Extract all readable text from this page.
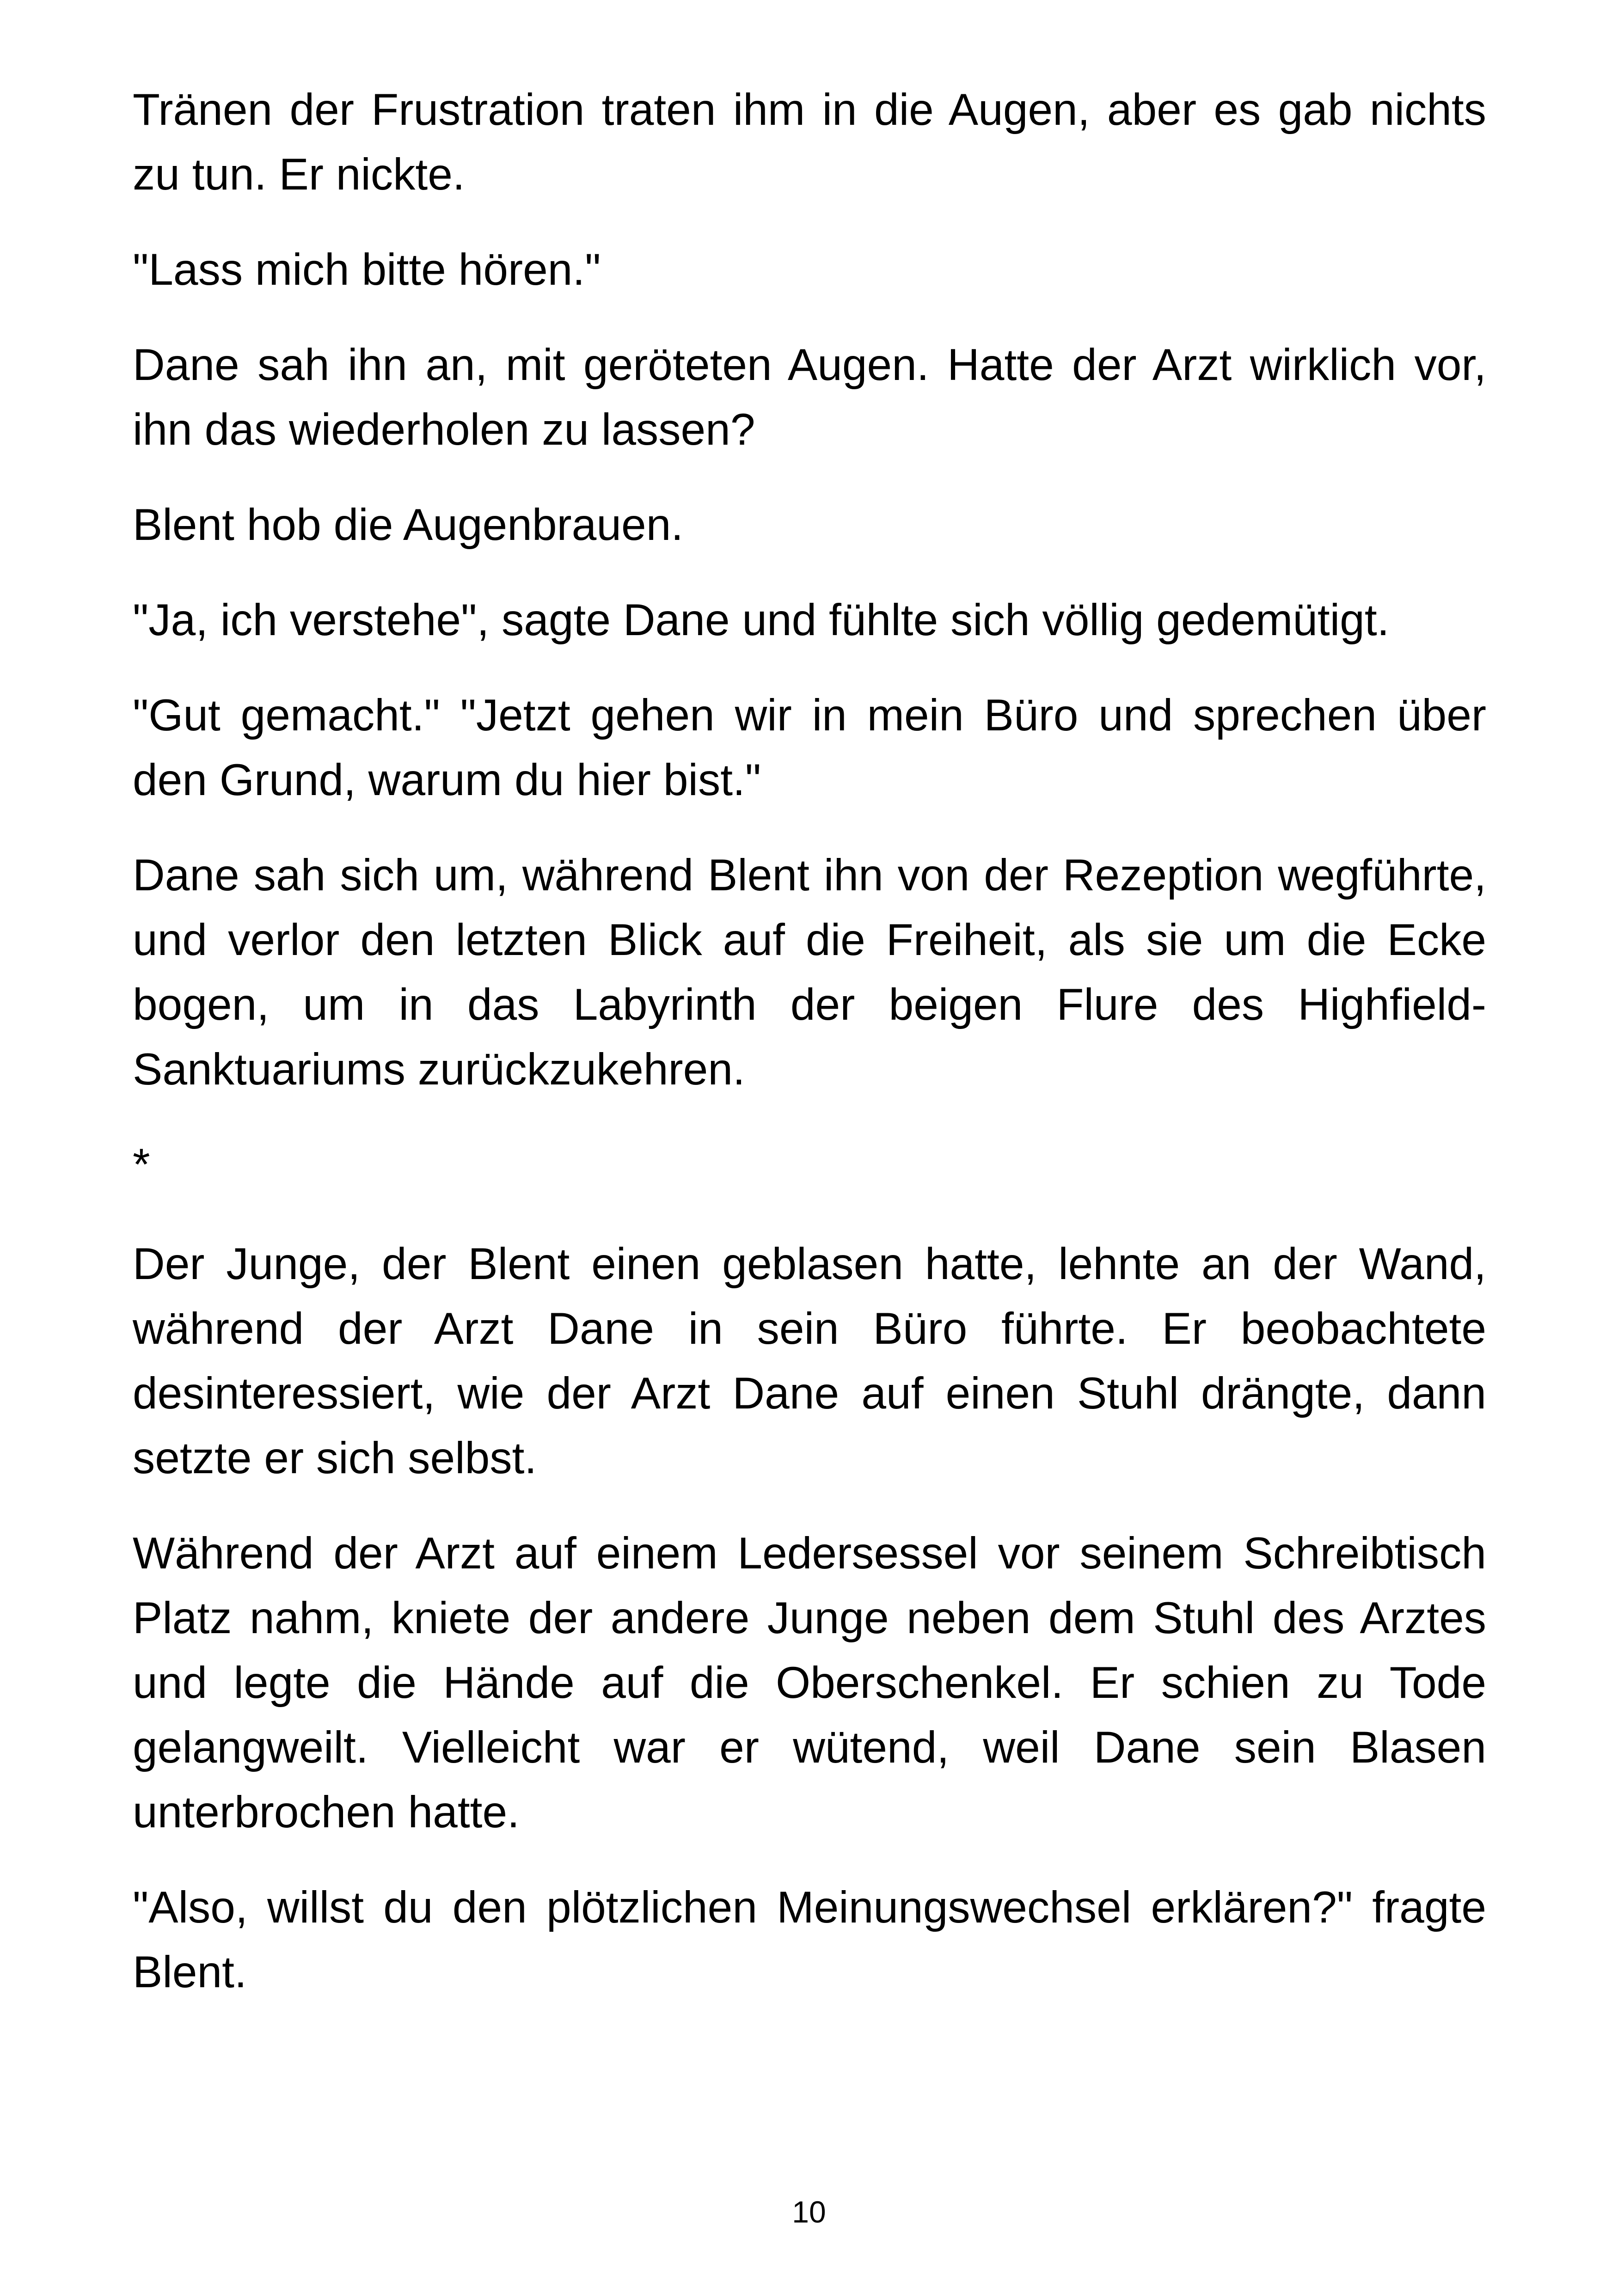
Tränen der Frustration traten ihm in die Augen, aber es gab nichts zu tun. Er nickte.

"Lass mich bitte hören."

Dane sah ihn an, mit geröteten Augen. Hatte der Arzt wirklich vor, ihn das wiederholen zu lassen?

Blent hob die Augenbrauen.

"Ja, ich verstehe", sagte Dane und fühlte sich völlig gedemütigt.

"Gut gemacht." "Jetzt gehen wir in mein Büro und sprechen über den Grund, warum du hier bist."

Dane sah sich um, während Blent ihn von der Rezeption wegführte, und verlor den letzten Blick auf die Freiheit, als sie um die Ecke bogen, um in das Labyrinth der beigen Flure des Highfield-Sanktuariums zurückzukehren.

*

Der Junge, der Blent einen geblasen hatte, lehnte an der Wand, während der Arzt Dane in sein Büro führte. Er beobachtete desinteressiert, wie der Arzt Dane auf einen Stuhl drängte, dann setzte er sich selbst.

Während der Arzt auf einem Ledersessel vor seinem Schreibtisch Platz nahm, kniete der andere Junge neben dem Stuhl des Arztes und legte die Hände auf die Oberschenkel. Er schien zu Tode gelangweilt. Vielleicht war er wütend, weil Dane sein Blasen unterbrochen hatte.

"Also, willst du den plötzlichen Meinungswechsel erklären?" fragte Blent.

10
